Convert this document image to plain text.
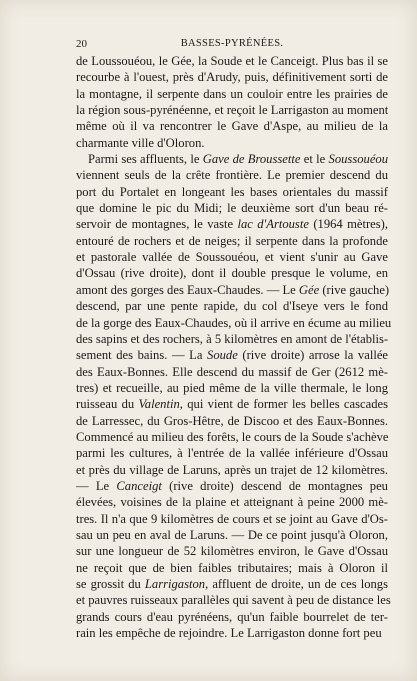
20	BASSES-PYRÉNÉES.
de Loussouéou, le Gée, la Soude et le Canceigt. Plus bas il se
recourbe à l'ouest, près d'Arudy, puis, définitivement sorti de
la montagne, il serpente dans un couloir entre les prairies de
la région sous-pyrénéenne, et reçoit le Larrigaston au moment
même où il va rencontrer le Gave d'Aspe, au milieu de la
charmante ville d'Oloron.
Parmi ses affluents, le Gave de Broussette et le Soussouéou
viennent seuls de la crête frontière. Le premier descend du
port du Portalet en longeant les bases orientales du massif
que domine le pic du Midi; le deuxième sort d'un beau ré-
servoir de montagnes, le vaste lac d'Artouste (1964 mètres),
entouré de rochers et de neiges; il serpente dans la profonde
et pastorale vallée de Soussouéou, et vient s'unir au Gave
d'Ossau (rive droite), dont il double presque le volume, en
amont des gorges des Eaux-Chaudes. — Le Gée (rive gauche)
descend, par une pente rapide, du col d'Iseye vers le fond
de la gorge des Eaux-Chaudes, où il arrive en écume au milieu
des sapins et des rochers, à 5 kilomètres en amont de l'établis-
sement des bains. — La Soude (rive droite) arrose la vallée
des Eaux-Bonnes. Elle descend du massif de Ger (2612 mè-
tres) et recueille, au pied même de la ville thermale, le long
ruisseau du Valentin, qui vient de former les belles cascades
de Larressec, du Gros-Hêtre, de Discoo et des Eaux-Bonnes.
Commencé au milieu des forêts, le cours de la Soude s'achève
parmi les cultures, à l'entrée de la vallée inférieure d'Ossau
et près du village de Laruns, après un trajet de 12 kilomètres.
— Le Canceigt (rive droite) descend de montagnes peu
élevées, voisines de la plaine et atteignant à peine 2000 mè-
tres. Il n'a que 9 kilomètres de cours et se joint au Gave d'Os-
sau un peu en aval de Laruns. — De ce point jusqu'à Oloron,
sur une longueur de 52 kilomètres environ, le Gave d'Ossau
ne reçoit que de bien faibles tributaires; mais à Oloron il
se grossit du Larrigaston, affluent de droite, un de ces longs
et pauvres ruisseaux parallèles qui savent à peu de distance les
grands cours d'eau pyrénéens, qu'un faible bourrelet de ter-
rain les empêche de rejoindre. Le Larrigaston donne fort peu
